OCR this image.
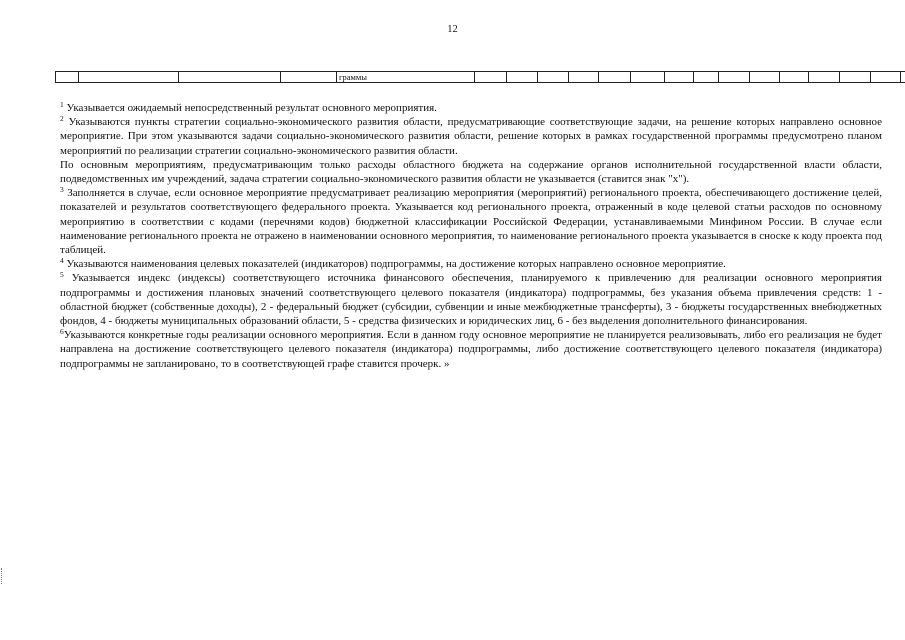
12
				граммы																	

$^1$ Указывается ожидаемый непосредственный результат основного мероприятия.

$^2$ Указываются пункты стратегии социально-экономического развития области, предусматривающие соответствующие задачи, на решение которых направлено основное мероприятие. При этом указываются задачи социально-экономического развития области, решение которых в рамках государственной программы предусмотрено планом мероприятий по реализации стратегии социально-экономического развития области.

По основным мероприятиям, предусматривающим только расходы областного бюджета на содержание органов исполнительной государственной власти области, подведомственных им учреждений, задача стратегии социально-экономического развития области не указывается (ставится знак "х").

$^3$ Заполняется в случае, если основное мероприятие предусматривает реализацию мероприятия (мероприятий) регионального проекта, обеспечивающего достижение целей, показателей и результатов соответствующего федерального проекта. Указывается код регионального проекта, отраженный в коде целевой статьи расходов по основному мероприятию в соответствии с кодами (перечнями кодов) бюджетной классификации Российской Федерации, устанавливаемыми Минфином России. В случае если наименование регионального проекта не отражено в наименовании основного мероприятия, то наименование регионального проекта указывается в сноске к коду проекта под таблицей.

$^4$ Указываются наименования целевых показателей (индикаторов) подпрограммы, на достижение которых направлено основное мероприятие.

$^5$ Указывается индекс (индексы) соответствующего источника финансового обеспечения, планируемого к привлечению для реализации основного мероприятия подпрограммы и достижения плановых значений соответствующего целевого показателя (индикатора) подпрограммы, без указания объема привлечения средств: 1 - областной бюджет (собственные доходы), 2 - федеральный бюджет (субсидии, субвенции и иные межбюджетные трансферты), 3 - бюджеты государственных внебюджетных фондов, 4 - бюджеты муниципальных образований области, 5 - средства физических и юридических лиц, 6 - без выделения дополнительного финансирования.

$^6$Указываются конкретные годы реализации основного мероприятия. Если в данном году основное мероприятие не планируется реализовывать, либо его реализация не будет направлена на достижение соответствующего целевого показателя (индикатора) подпрограммы, либо достижение соответствующего целевого показателя (индикатора) подпрограммы не запланировано, то в соответствующей графе ставится прочерк. »
